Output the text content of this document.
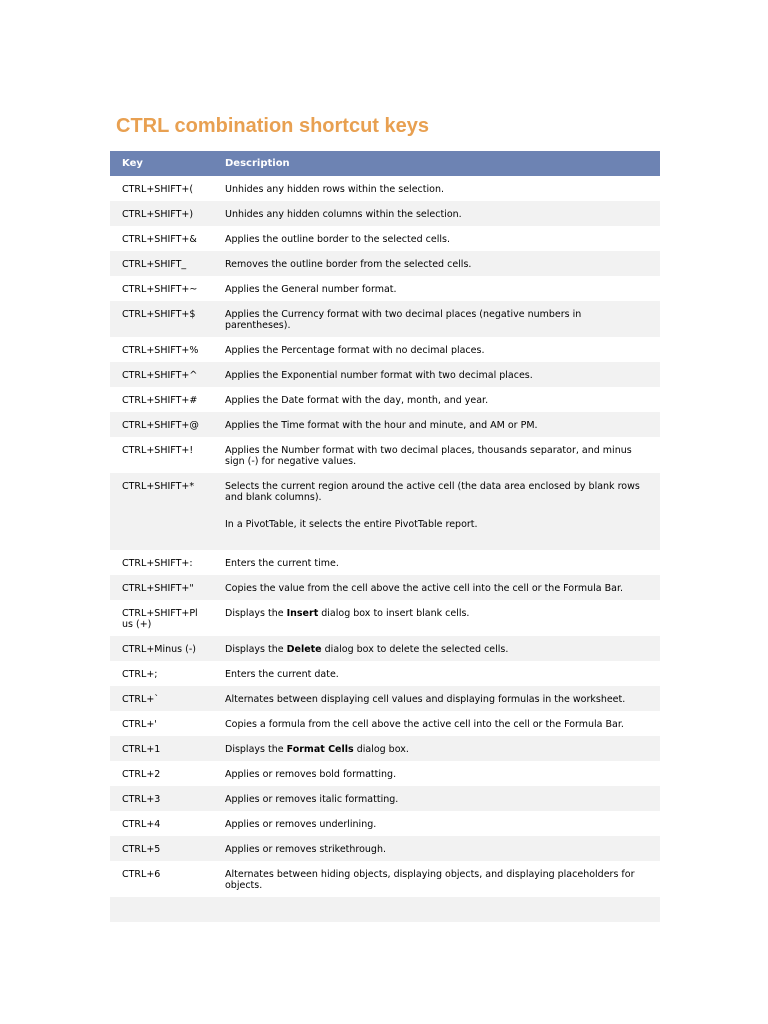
CTRL combination shortcut keys
Key	Description
CTRL+SHIFT+(	Unhides any hidden rows within the selection.

CTRL+SHIFT+)	Unhides any hidden columns within the selection.

CTRL+SHIFT+&	Applies the outline border to the selected cells.

CTRL+SHIFT_	Removes the outline border from the selected cells.

CTRL+SHIFT+~	Applies the General number format.

CTRL+SHIFT+$	Applies the Currency format with two decimal places (negative numbers in parentheses).

CTRL+SHIFT+%	Applies the Percentage format with no decimal places.

CTRL+SHIFT+^	Applies the Exponential number format with two decimal places.

CTRL+SHIFT+#	Applies the Date format with the day, month, and year.

CTRL+SHIFT+@	Applies the Time format with the hour and minute, and AM or PM.

CTRL+SHIFT+!	Applies the Number format with two decimal places, thousands separator, and minus sign (-) for negative values.

CTRL+SHIFT+*	Selects the current region around the active cell (the data area enclosed by blank rows and blank columns).
In a PivotTable, it selects the entire PivotTable report.

CTRL+SHIFT+:	Enters the current time.

CTRL+SHIFT+"	Copies the value from the cell above the active cell into the cell or the Formula Bar.

CTRL+SHIFT+Plus (+)	Displays the Insert dialog box to insert blank cells.

CTRL+Minus (-)	Displays the Delete dialog box to delete the selected cells.

CTRL+;	Enters the current date.

CTRL+`	Alternates between displaying cell values and displaying formulas in the worksheet.

CTRL+'	Copies a formula from the cell above the active cell into the cell or the Formula Bar.

CTRL+1	Displays the Format Cells dialog box.

CTRL+2	Applies or removes bold formatting.

CTRL+3	Applies or removes italic formatting.

CTRL+4	Applies or removes underlining.

CTRL+5	Applies or removes strikethrough.

CTRL+6	Alternates between hiding objects, displaying objects, and displaying placeholders for objects.
